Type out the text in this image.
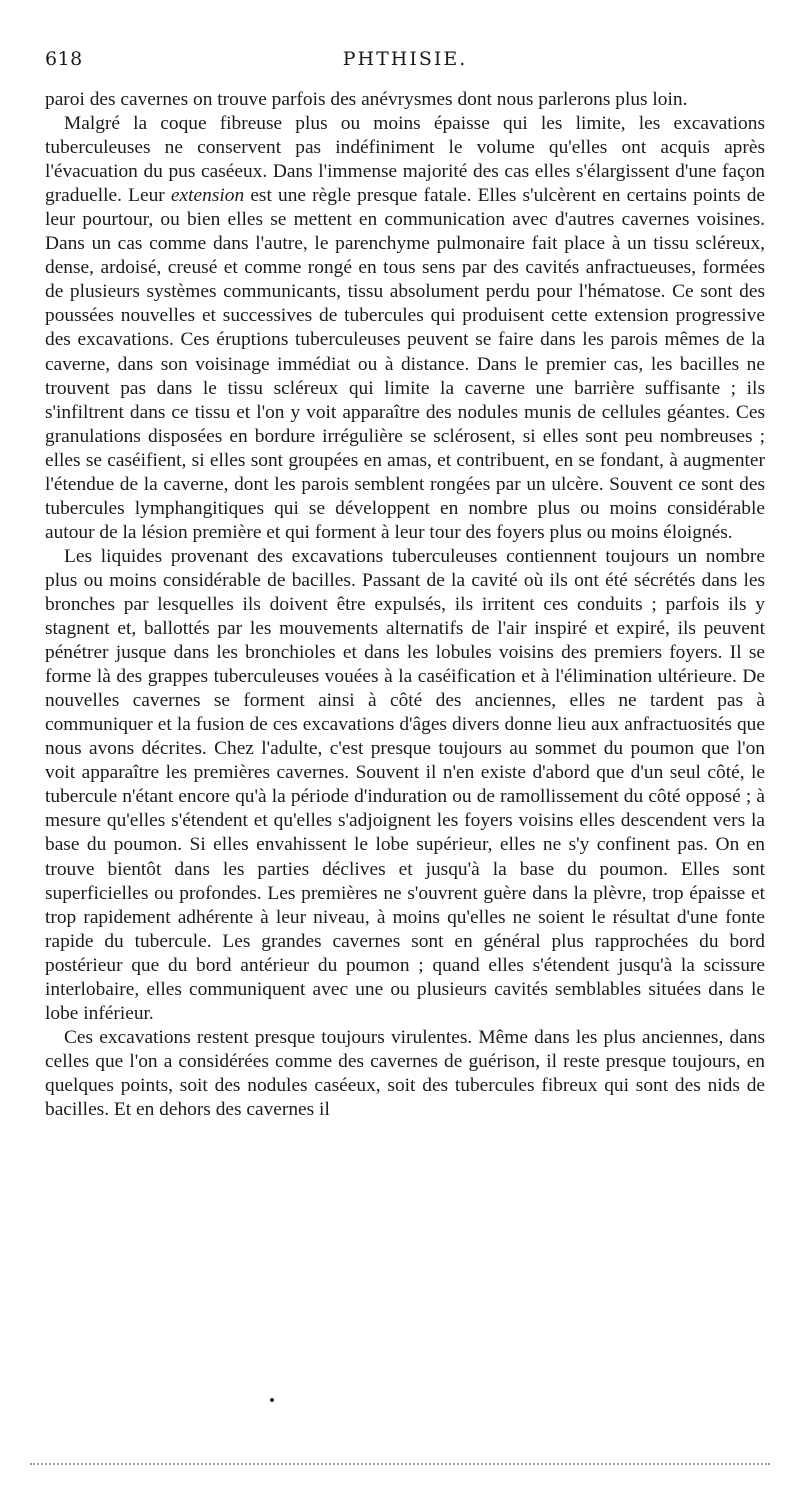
618	PHTHISIE.

paroi des cavernes on trouve parfois des anévrysmes dont nous parlerons plus loin.

Malgré la coque fibreuse plus ou moins épaisse qui les limite, les excavations tuberculeuses ne conservent pas indéfiniment le volume qu'elles ont acquis après l'évacuation du pus caséeux. Dans l'immense majorité des cas elles s'élargissent d'une façon graduelle. Leur extension est une règle presque fatale. Elles s'ulcèrent en certains points de leur pourtour, ou bien elles se mettent en communication avec d'autres cavernes voisines. Dans un cas comme dans l'autre, le parenchyme pulmonaire fait place à un tissu scléreux, dense, ardoisé, creusé et comme rongé en tous sens par des cavités anfractueuses, formées de plusieurs systèmes communicants, tissu absolument perdu pour l'hématose. Ce sont des poussées nouvelles et successives de tubercules qui produisent cette extension progressive des excavations. Ces éruptions tuberculeuses peuvent se faire dans les parois mêmes de la caverne, dans son voisinage immédiat ou à distance. Dans le premier cas, les bacilles ne trouvent pas dans le tissu scléreux qui limite la caverne une barrière suffisante ; ils s'infiltrent dans ce tissu et l'on y voit apparaître des nodules munis de cellules géantes. Ces granulations disposées en bordure irrégulière se sclérosent, si elles sont peu nombreuses ; elles se caséifient, si elles sont groupées en amas, et contribuent, en se fondant, à augmenter l'étendue de la caverne, dont les parois semblent rongées par un ulcère. Souvent ce sont des tubercules lymphangitiques qui se développent en nombre plus ou moins considérable autour de la lésion première et qui forment à leur tour des foyers plus ou moins éloignés.

Les liquides provenant des excavations tuberculeuses contiennent toujours un nombre plus ou moins considérable de bacilles. Passant de la cavité où ils ont été sécrétés dans les bronches par lesquelles ils doivent être expulsés, ils irritent ces conduits ; parfois ils y stagnent et, ballottés par les mouvements alternatifs de l'air inspiré et expiré, ils peuvent pénétrer jusque dans les bronchioles et dans les lobules voisins des premiers foyers. Il se forme là des grappes tuberculeuses vouées à la caséification et à l'élimination ultérieure. De nouvelles cavernes se forment ainsi à côté des anciennes, elles ne tardent pas à communiquer et la fusion de ces excavations d'âges divers donne lieu aux anfractuosités que nous avons décrites. Chez l'adulte, c'est presque toujours au sommet du poumon que l'on voit apparaître les premières cavernes. Souvent il n'en existe d'abord que d'un seul côté, le tubercule n'étant encore qu'à la période d'induration ou de ramollissement du côté opposé ; à mesure qu'elles s'étendent et qu'elles s'adjoignent les foyers voisins elles descendent vers la base du poumon. Si elles envahissent le lobe supérieur, elles ne s'y confinent pas. On en trouve bientôt dans les parties déclives et jusqu'à la base du poumon. Elles sont superficielles ou profondes. Les premières ne s'ouvrent guère dans la plèvre, trop épaisse et trop rapidement adhérente à leur niveau, à moins qu'elles ne soient le résultat d'une fonte rapide du tubercule. Les grandes cavernes sont en général plus rapprochées du bord postérieur que du bord antérieur du poumon ; quand elles s'étendent jusqu'à la scissure interlobaire, elles communiquent avec une ou plusieurs cavités semblables situées dans le lobe inférieur.

Ces excavations restent presque toujours virulentes. Même dans les plus anciennes, dans celles que l'on a considérées comme des cavernes de guérison, il reste presque toujours, en quelques points, soit des nodules caséeux, soit des tubercules fibreux qui sont des nids de bacilles. Et en dehors des cavernes il
